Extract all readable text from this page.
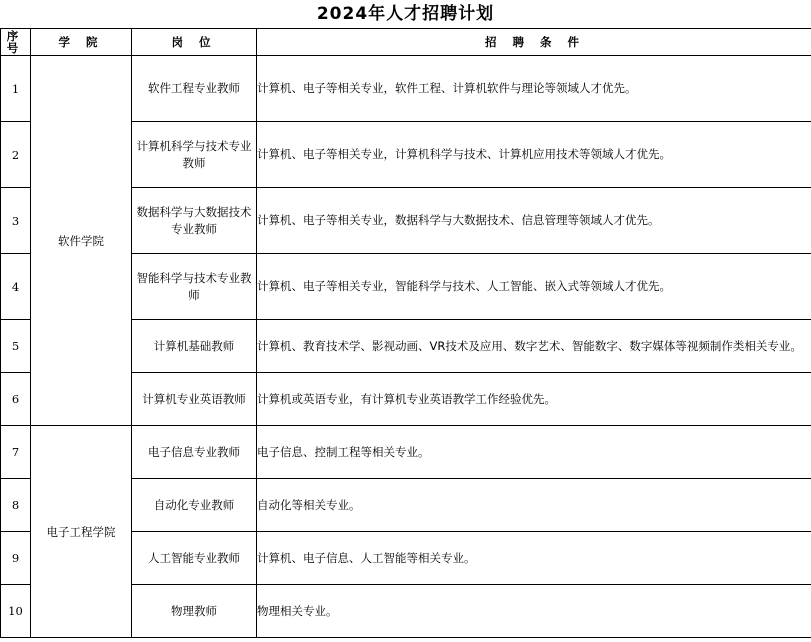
2024年人才招聘计划
序号	学 院	岗 位	招 聘 条 件
1	软件学院	软件工程专业教师	计算机、电子等相关专业，软件工程、计算机软件与理论等领域人才优先。
2		计算机科学与技术专业教师	计算机、电子等相关专业，计算机科学与技术、计算机应用技术等领域人才优先。
3		数据科学与大数据技术专业教师	计算机、电子等相关专业，数据科学与大数据技术、信息管理等领域人才优先。
4		智能科学与技术专业教师	计算机、电子等相关专业，智能科学与技术、人工智能、嵌入式等领域人才优先。
5		计算机基础教师	计算机、教育技术学、影视动画、VR技术及应用、数字艺术、智能数字、数字媒体等视频制作类相关专业。
6		计算机专业英语教师	计算机或英语专业，有计算机专业英语教学工作经验优先。
7	电子工程学院	电子信息专业教师	电子信息、控制工程等相关专业。
8		自动化专业教师	自动化等相关专业。
9		人工智能专业教师	计算机、电子信息、人工智能等相关专业。
10		物理教师	物理相关专业。
